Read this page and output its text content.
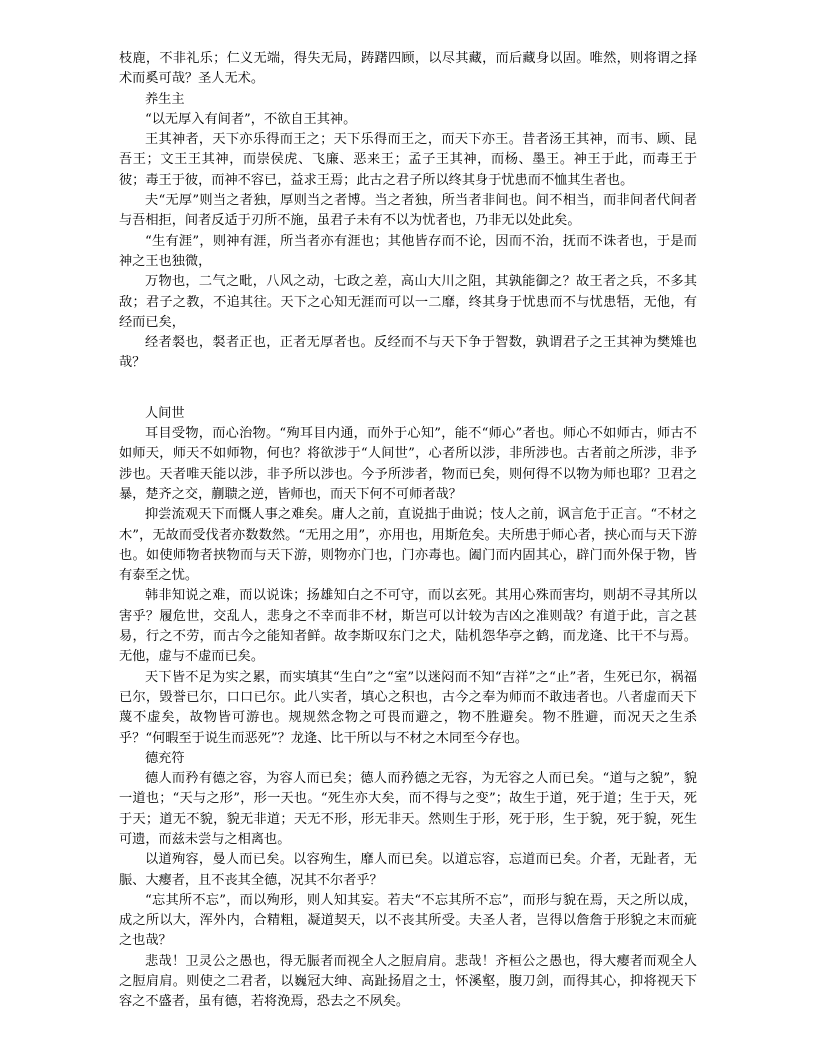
枝鹿，不非礼乐；仁义无端，得失无局，踌躇四顾，以尽其藏，而后藏身以固。唯然，则将谓之择术而奚可哉？圣人无术。

养生主

“以无厚入有间者”，不欲自王其神。

王其神者，天下亦乐得而王之；天下乐得而王之，而天下亦王。昔者汤王其神，而韦、顾、昆吾王；文王王其神，而崇侯虎、飞廉、恶来王；孟子王其神，而杨、墨王。神王于此，而毒王于彼；毒王于彼，而神不容已，益求王焉；此古之君子所以终其身于忧患而不恤其生者也。

夫“无厚”则当之者独，厚则当之者博。当之者独，所当者非间也。间不相当，而非间者代间者与吾相拒，间者反适于刃所不施，虽君子未有不以为忧者也，乃非无以处此矣。

“生有涯”，则神有涯，所当者亦有涯也；其他皆存而不论，因而不治，抚而不诛者也，于是而神之王也独微，

万物也，二气之毗，八风之动，七政之差，高山大川之阻，其孰能御之？故王者之兵，不多其敌；君子之教，不追其往。天下之心知无涯而可以一二靡，终其身于忧患而不与忧患牾，无他，有经而已矣，

经者裻也，裻者正也，正者无厚者也。反经而不与天下争于智数，孰谓君子之王其神为樊雉也哉？

人间世

耳目受物，而心治物。“殉耳目内通，而外于心知”，能不“师心”者也。师心不如师古，师古不如师天，师天不如师物，何也？将欲涉于“人间世”，心者所以涉，非所涉也。古者前之所涉，非予涉也。天者唯天能以涉，非予所以涉也。今予所涉者，物而已矣，则何得不以物为师也耶？卫君之暴，楚齐之交，蒯聩之逆，皆师也，而天下何不可师者哉？

抑尝流观天下而慨人事之难矣。庸人之前，直说拙于曲说；忮人之前，讽言危于正言。“不材之木”，无故而受伐者亦数数然。“无用之用”，亦用也，用斯危矣。夫所患于师心者，挟心而与天下游也。如使师物者挟物而与天下游，则物亦门也，门亦毒也。阖门而内固其心，辟门而外保于物，皆有泰至之忧。

韩非知说之难，而以说诛；扬雄知白之不可守，而以玄死。其用心殊而害均，则胡不寻其所以害乎？履危世，交乱人，悲身之不幸而非不材，斯岂可以计较为吉凶之准则哉？有道于此，言之甚易，行之不劳，而古今之能知者鲜。故李斯叹东门之犬，陆机怨华亭之鹤，而龙逄、比干不与焉。无他，虚与不虚而已矣。

天下皆不足为实之累，而实填其“生白”之“室”以迷闷而不知“吉祥”之“止”者，生死已尔，祸福已尔，毁誉已尔，口口已尔。此八实者，填心之积也，古今之奉为师而不敢违者也。八者虚而天下蔑不虚矣，故物皆可游也。规规然念物之可畏而避之，物不胜避矣。物不胜避，而况天之生杀乎？“何暇至于说生而恶死”？龙逄、比干所以与不材之木同至今存也。

德充符

德人而矜有德之容，为容人而已矣；德人而矜德之无容，为无容之人而已矣。“道与之貌”，貌一道也；“天与之形”，形一天也。“死生亦大矣，而不得与之变”；故生于道，死于道；生于天，死于天；道无不貌，貌无非道；天无不形，形无非天。然则生于形，死于形，生于貌，死于貌，死生可遗，而兹未尝与之相离也。

以道殉容，曼人而已矣。以容殉生，靡人而已矣。以道忘容，忘道而已矣。介者，无趾者，无脤、大瘿者，且不丧其全德，况其不尔者乎？

“忘其所不忘”，而以殉形，则人知其妄。若夫“不忘其所不忘”，而形与貌在焉，天之所以成，成之所以大，浑外内，合精粗，凝道契天，以不丧其所受。夫圣人者，岂得以詹詹于形貌之末而疵之也哉？

悲哉！卫灵公之愚也，得无脤者而视全人之脰肩肩。悲哉！齐桓公之愚也，得大瘿者而观全人之脰肩肩。则使之二君者，以巍冠大绅、高趾扬眉之士，怀溪壑，腹刀剑，而得其心，抑将视天下容之不盛者，虽有德，若将浼焉，恐去之不夙矣。
